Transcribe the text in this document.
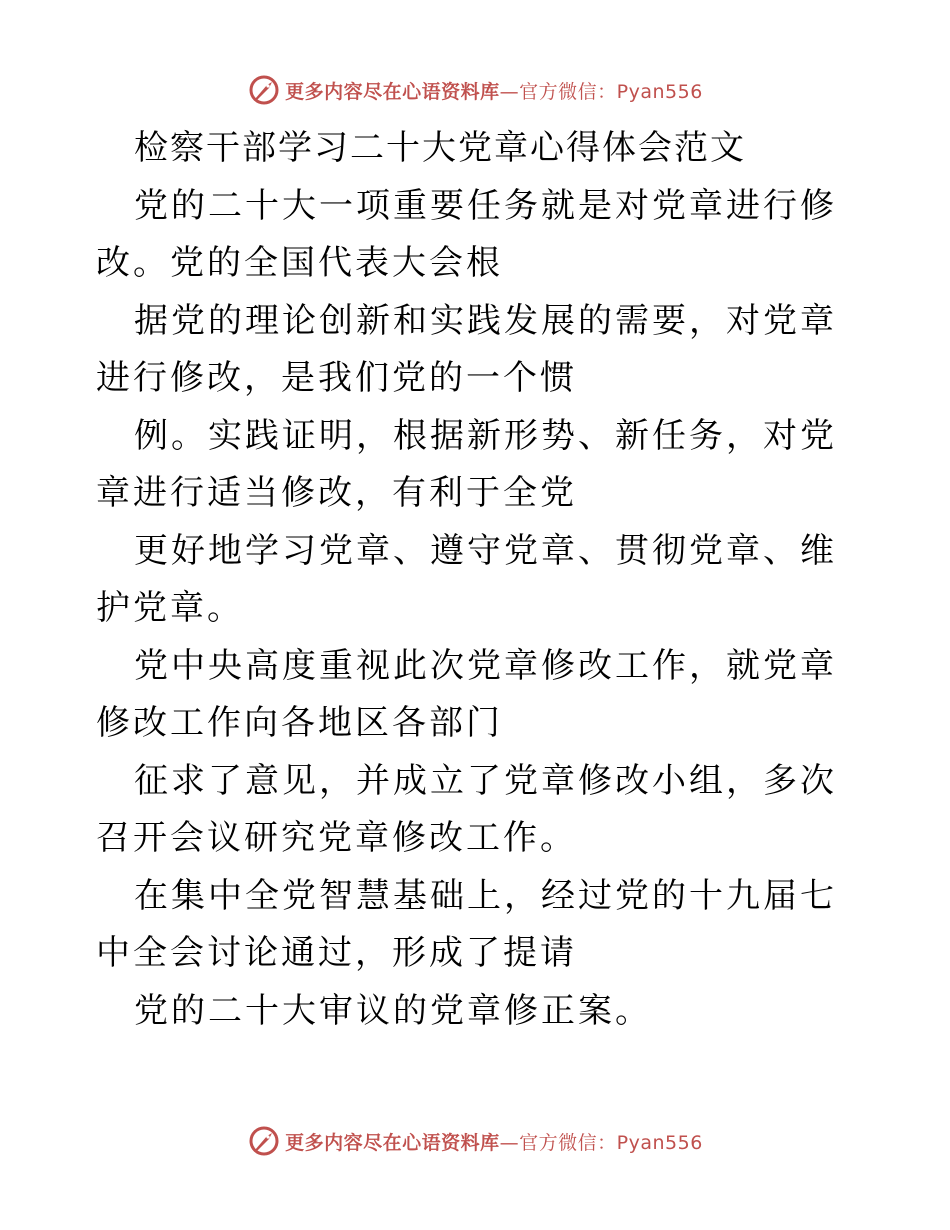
更多内容尽在心语资料库—官方微信：Pyan556

检察干部学习二十大党章心得体会范文

党的二十大一项重要任务就是对党章进行修改。党的全国代表大会根

据党的理论创新和实践发展的需要，对党章进行修改，是我们党的一个惯

例。实践证明，根据新形势、新任务，对党章进行适当修改，有利于全党

更好地学习党章、遵守党章、贯彻党章、维护党章。

党中央高度重视此次党章修改工作，就党章修改工作向各地区各部门

征求了意见，并成立了党章修改小组，多次召开会议研究党章修改工作。

在集中全党智慧基础上，经过党的十九届七中全会讨论通过，形成了提请

党的二十大审议的党章修正案。

更多内容尽在心语资料库—官方微信：Pyan556
